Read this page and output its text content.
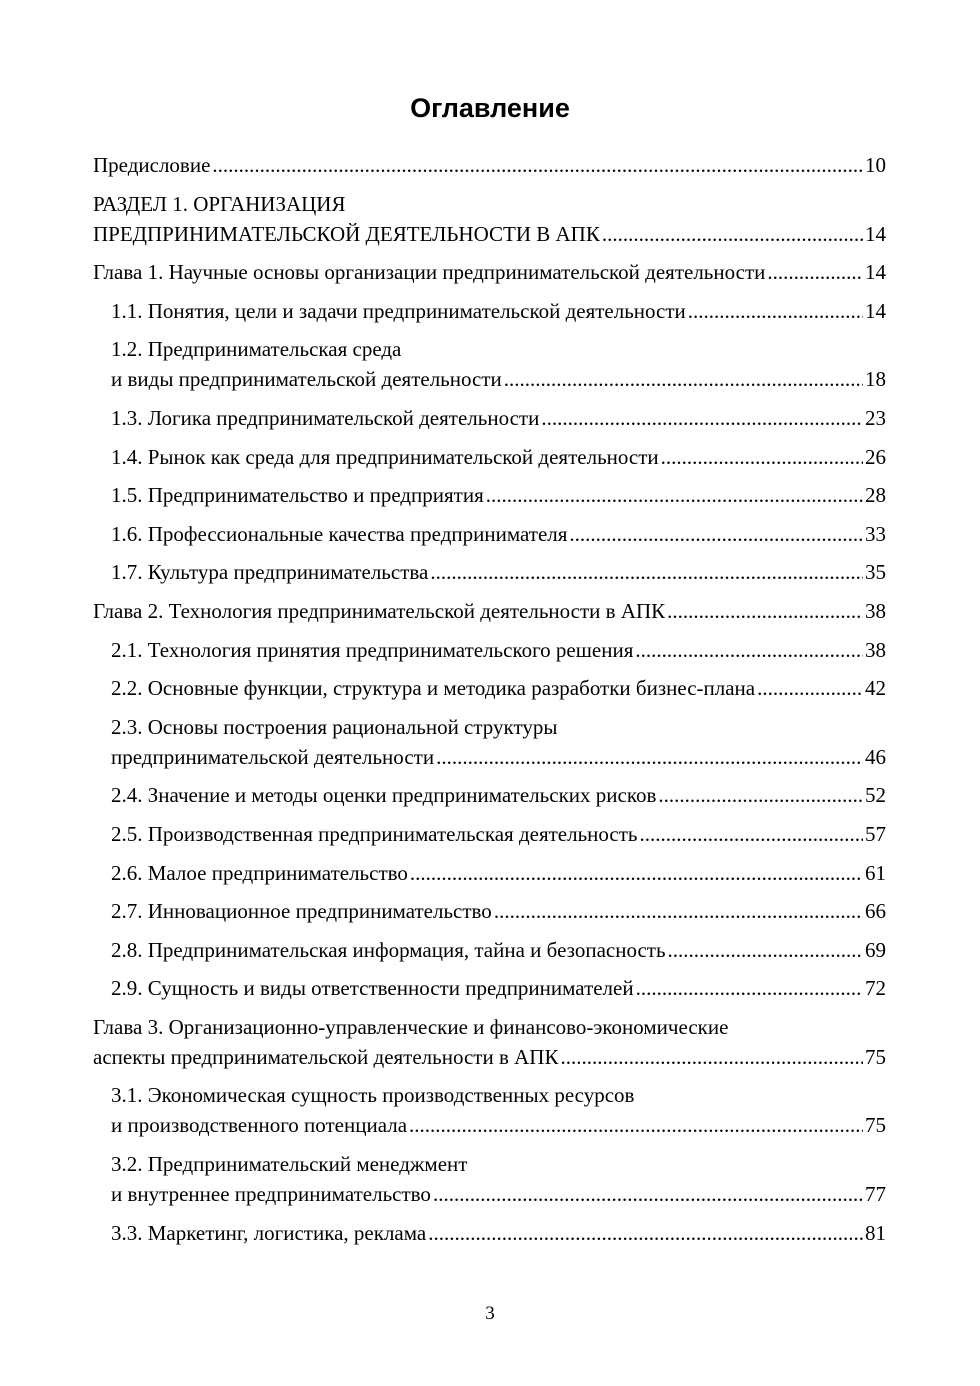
Оглавление
Предисловие .....	10
РАЗДЕЛ 1. ОРГАНИЗАЦИЯ
ПРЕДПРИНИМАТЕЛЬСКОЙ ДЕЯТЕЛЬНОСТИ В АПК .....	14
Глава 1. Научные основы организации предпринимательской деятельности .....	14
1.1. Понятия, цели и задачи предпринимательской деятельности .....	14
1.2. Предпринимательская среда
и виды предпринимательской деятельности .....	18
1.3. Логика предпринимательской деятельности .....	23
1.4. Рынок как среда для предпринимательской деятельности .....	26
1.5. Предпринимательство и предприятия .....	28
1.6. Профессиональные качества предпринимателя .....	33
1.7. Культура предпринимательства .....	35
Глава 2. Технология предпринимательской деятельности в АПК .....	38
2.1. Технология принятия предпринимательского решения .....	38
2.2. Основные функции, структура и методика разработки бизнес-плана .....	42
2.3. Основы построения рациональной структуры
предпринимательской деятельности .....	46
2.4. Значение и методы оценки предпринимательских рисков .....	52
2.5. Производственная предпринимательская деятельность .....	57
2.6. Малое предпринимательство .....	61
2.7. Инновационное предпринимательство .....	66
2.8. Предпринимательская информация, тайна и безопасность .....	69
2.9. Сущность и виды ответственности предпринимателей .....	72
Глава 3. Организационно-управленческие и финансово-экономические
аспекты предпринимательской деятельности в АПК .....	75
3.1. Экономическая сущность производственных ресурсов
и производственного потенциала .....	75
3.2. Предпринимательский менеджмент
и внутреннее предпринимательство .....	77
3.3. Маркетинг, логистика, реклама .....	81
3
